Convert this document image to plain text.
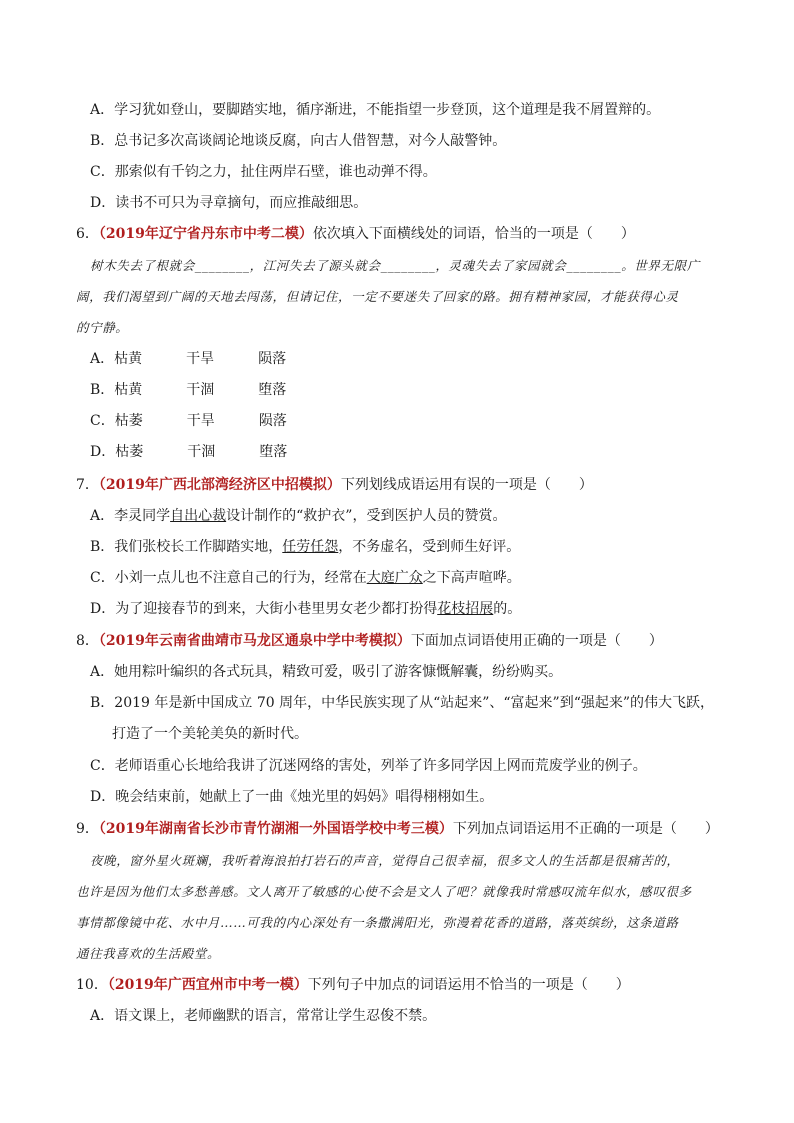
A．学习犹如登山，要脚踏实地，循序渐进，不能指望一步登顶，这个道理是我不屑置辩的。
B．总书记多次高谈阔论地谈反腐，向古人借智慧，对今人敲警钟。
C．那索似有千钧之力，扯住两岸石壁，谁也动弹不得。
D．读书不可只为寻章摘句，而应推敲细思。
6．（2019年辽宁省丹东市中考二模）依次填入下面横线处的词语，恰当的一项是（　　）
树木失去了根就会________，江河失去了源头就会________，灵魂失去了家园就会________。世界无限广
阔，我们渴望到广阔的天地去闯荡，但请记住，一定不要迷失了回家的路。拥有精神家园，才能获得心灵
的宁静。
A．枯黄	干旱	陨落
B．枯黄	干涸	堕落
C．枯萎	干旱	陨落
D．枯萎	干涸	堕落
7．（2019年广西北部湾经济区中招模拟）下列划线成语运用有误的一项是（　　）
A．李灵同学自出心裁设计制作的“救护衣”，受到医护人员的赞赏。
B．我们张校长工作脚踏实地，任劳任怨，不务虚名，受到师生好评。
C．小刘一点儿也不注意自己的行为，经常在大庭广众之下高声喧哗。
D．为了迎接春节的到来，大街小巷里男女老少都打扮得花枝招展的。
8．（2019年云南省曲靖市马龙区通泉中学中考模拟）下面加点词语使用正确的一项是（　　）
A．她用粽叶编织的各式玩具，精致可爱，吸引了游客慷慨解囊，纷纷购买。
B．2019 年是新中国成立 70 周年，中华民族实现了从“站起来”、“富起来”到“强起来”的伟大飞跃，
打造了一个美轮美奂的新时代。
C．老师语重心长地给我讲了沉迷网络的害处，列举了许多同学因上网而荒废学业的例子。
D．晚会结束前，她献上了一曲《烛光里的妈妈》唱得栩栩如生。
9．（2019年湖南省长沙市青竹湖湘一外国语学校中考三模）下列加点词语运用不正确的一项是（　　）
夜晚，窗外星火斑斓，我听着海浪拍打岩石的声音，觉得自己很幸福，很多文人的生活都是很痛苦的，
也许是因为他们太多愁善感。文人离开了敏感的心使不会是文人了吧？就像我时常感叹流年似水，感叹很多
事情都像镜中花、水中月……可我的内心深处有一条撒满阳光，弥漫着花香的道路，落英缤纷，这条道路
通往我喜欢的生活殿堂。
10．（2019年广西宜州市中考一模）下列句子中加点的词语运用不恰当的一项是（　　）
A．语文课上，老师幽默的语言，常常让学生忍俊不禁。
